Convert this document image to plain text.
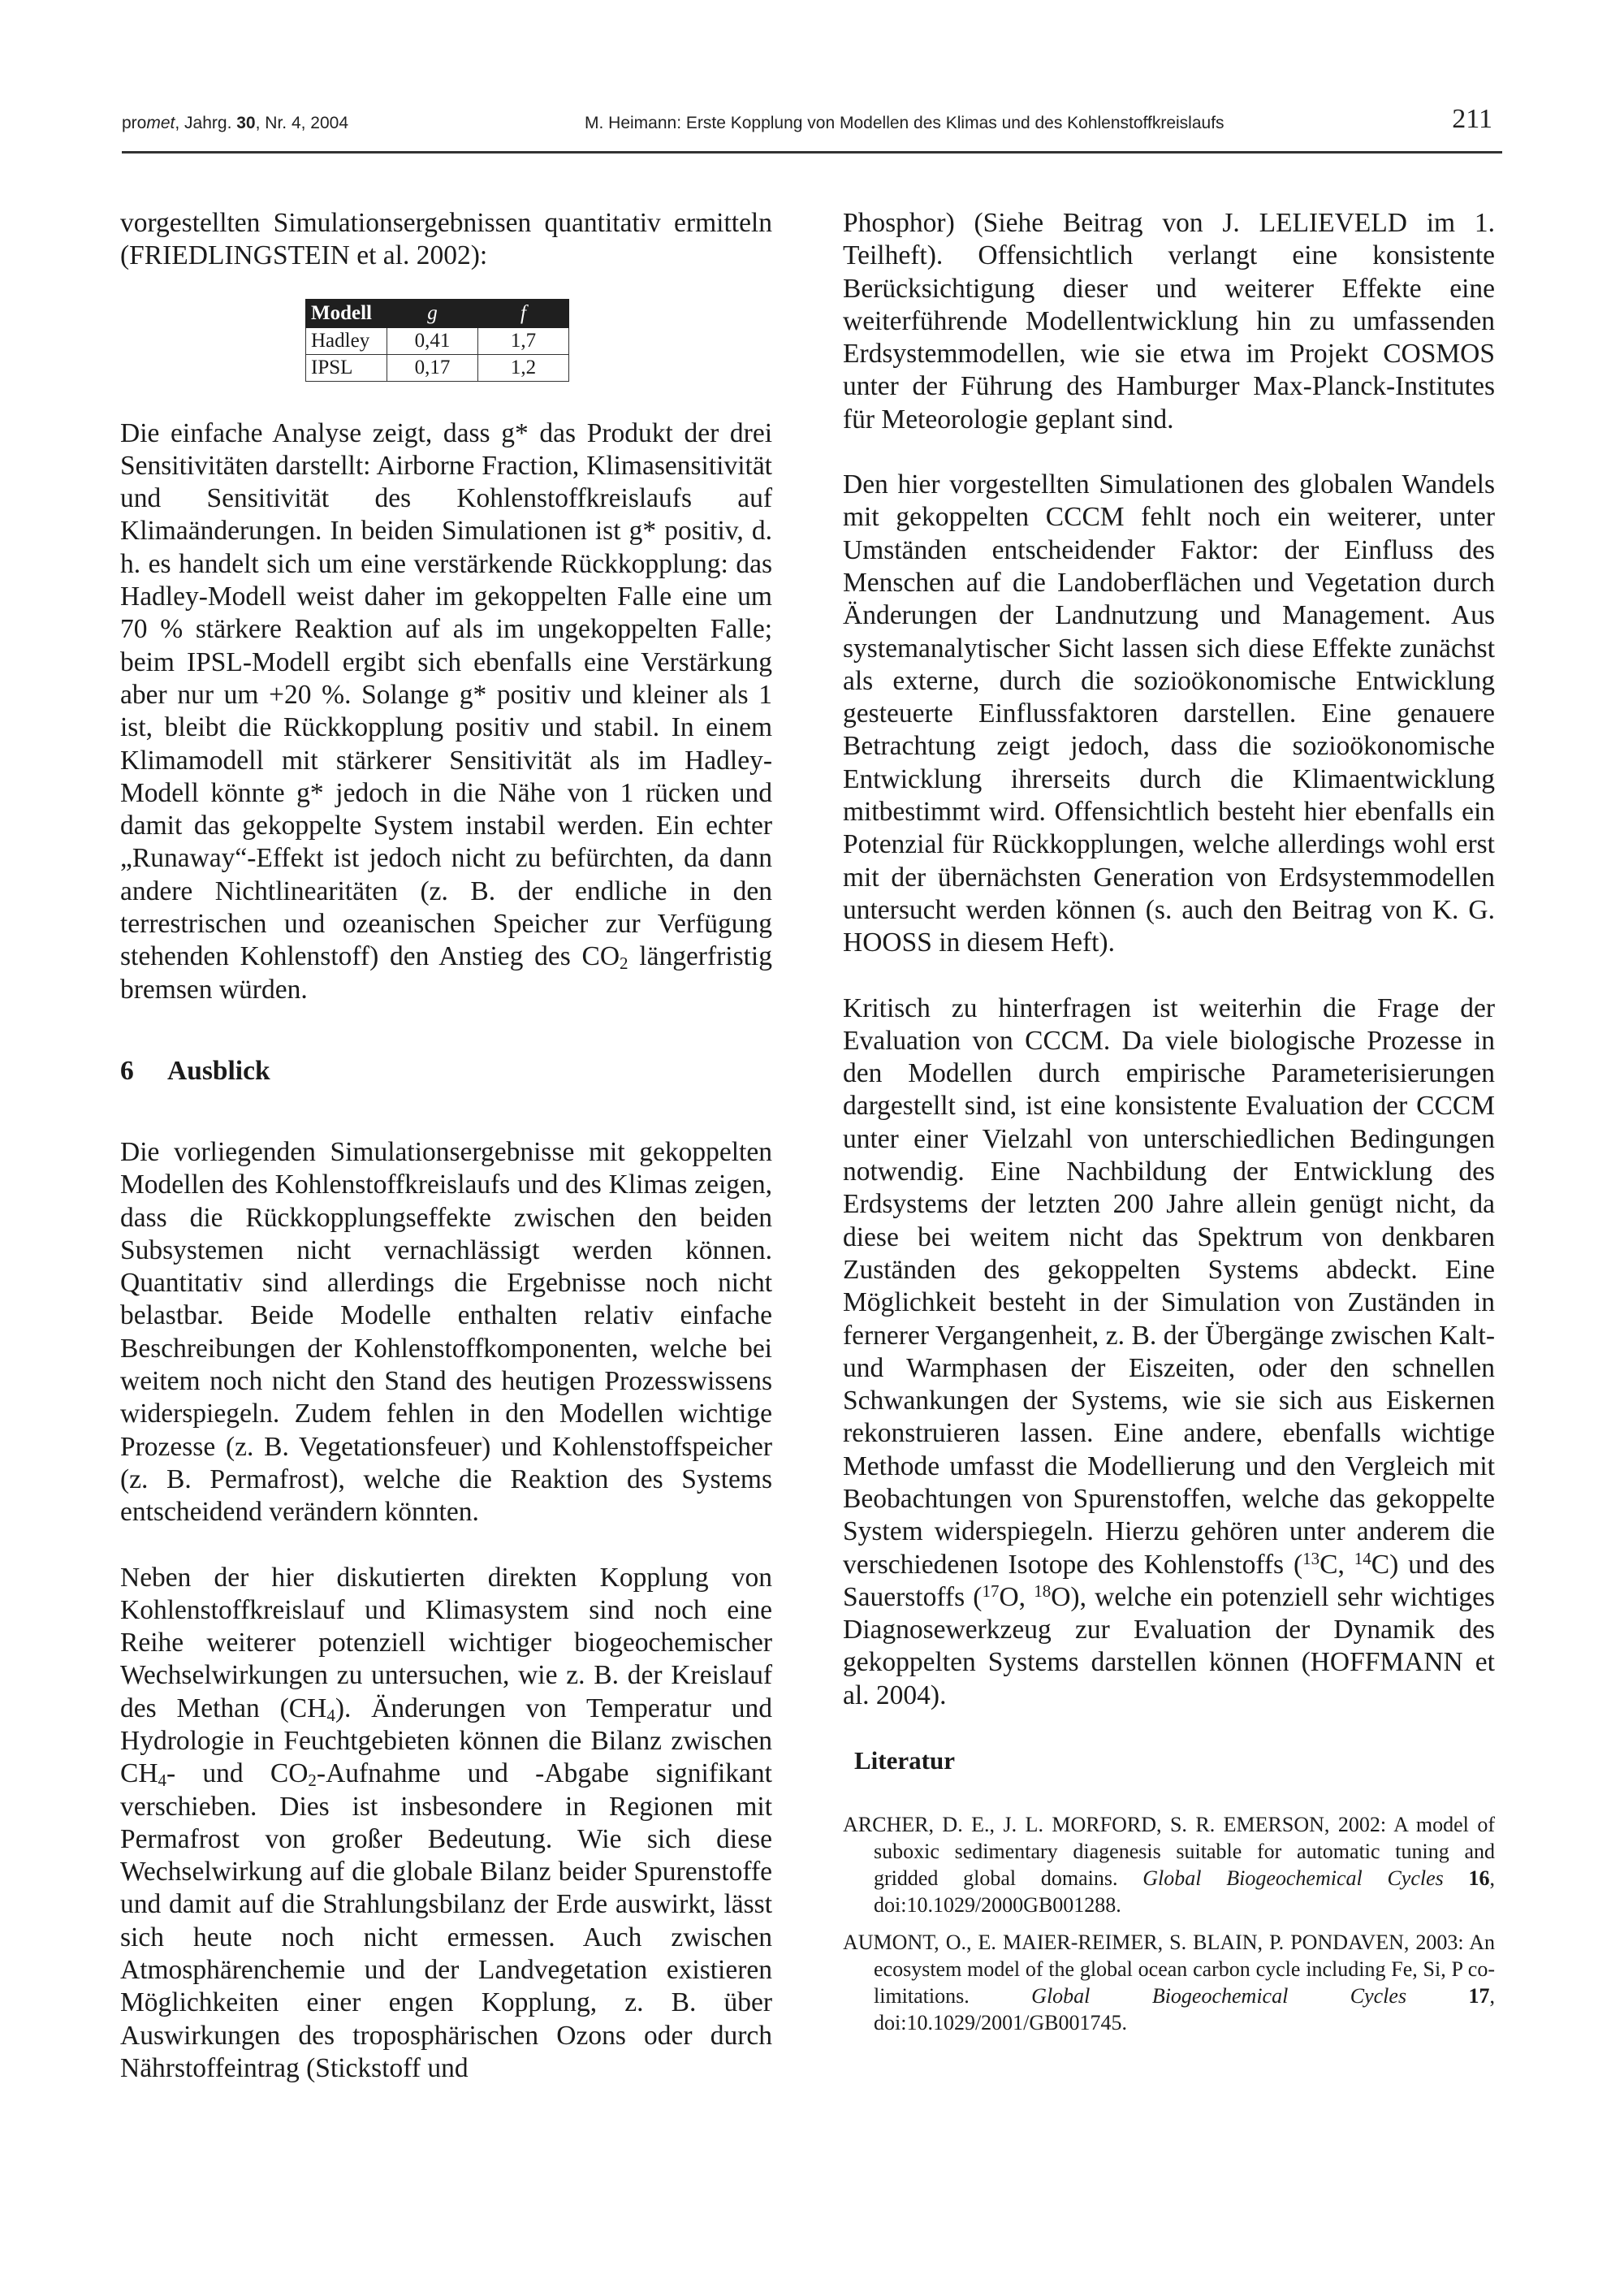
promet, Jahrg. 30, Nr. 4, 2004	M. Heimann: Erste Kopplung von Modellen des Klimas und des Kohlenstoffkreislaufs	211

vorgestellten Simulationsergebnissen quantitativ ermitteln (FRIEDLINGSTEIN et al. 2002):

Modell	g	f
Hadley	0,41	1,7
IPSL	0,17	1,2

Die einfache Analyse zeigt, dass g* das Produkt der drei Sensitivitäten darstellt: Airborne Fraction, Klimasensitivität und Sensitivität des Kohlenstoffkreislaufs auf Klimaänderungen. In beiden Simulationen ist g* positiv, d. h. es handelt sich um eine verstärkende Rückkopplung: das Hadley-Modell weist daher im gekoppelten Falle eine um 70 % stärkere Reaktion auf als im ungekoppelten Falle; beim IPSL-Modell ergibt sich ebenfalls eine Verstärkung aber nur um +20 %. Solange g* positiv und kleiner als 1 ist, bleibt die Rückkopplung positiv und stabil. In einem Klimamodell mit stärkerer Sensitivität als im Hadley-Modell könnte g* jedoch in die Nähe von 1 rücken und damit das gekoppelte System instabil werden. Ein echter „Runaway“-Effekt ist jedoch nicht zu befürchten, da dann andere Nichtlinearitäten (z. B. der endliche in den terrestrischen und ozeanischen Speicher zur Verfügung stehenden Kohlenstoff) den Anstieg des $CO_2$ längerfristig bremsen würden.

6 Ausblick

Die vorliegenden Simulationsergebnisse mit gekoppelten Modellen des Kohlenstoffkreislaufs und des Klimas zeigen, dass die Rückkopplungseffekte zwischen den beiden Subsystemen nicht vernachlässigt werden können. Quantitativ sind allerdings die Ergebnisse noch nicht belastbar. Beide Modelle enthalten relativ einfache Beschreibungen der Kohlenstoffkomponenten, welche bei weitem noch nicht den Stand des heutigen Prozesswissens widerspiegeln. Zudem fehlen in den Modellen wichtige Prozesse (z. B. Vegetationsfeuer) und Kohlenstoffspeicher (z. B. Permafrost), welche die Reaktion des Systems entscheidend verändern könnten.

Neben der hier diskutierten direkten Kopplung von Kohlenstoffkreislauf und Klimasystem sind noch eine Reihe weiterer potenziell wichtiger biogeochemischer Wechselwirkungen zu untersuchen, wie z. B. der Kreislauf des Methan $(CH_4)$. Änderungen von Temperatur und Hydrologie in Feuchtgebieten können die Bilanz zwischen $CH_4-$ und $CO_2$-Aufnahme und -Abgabe signifikant verschieben. Dies ist insbesondere in Regionen mit Permafrost von großer Bedeutung. Wie sich diese Wechselwirkung auf die globale Bilanz beider Spurenstoffe und damit auf die Strahlungsbilanz der Erde auswirkt, lässt sich heute noch nicht ermessen. Auch zwischen Atmosphärenchemie und der Landvegetation existieren Möglichkeiten einer engen Kopplung, z. B. über Auswirkungen des troposphärischen Ozons oder durch Nährstoffeintrag (Stickstoff und

Phosphor) (Siehe Beitrag von J. LELIEVELD im 1. Teilheft). Offensichtlich verlangt eine konsistente Berücksichtigung dieser und weiterer Effekte eine weiterführende Modellentwicklung hin zu umfassenden Erdsystemmodellen, wie sie etwa im Projekt COSMOS unter der Führung des Hamburger Max-Planck-Institutes für Meteorologie geplant sind.

Den hier vorgestellten Simulationen des globalen Wandels mit gekoppelten CCCM fehlt noch ein weiterer, unter Umständen entscheidender Faktor: der Einfluss des Menschen auf die Landoberflächen und Vegetation durch Änderungen der Landnutzung und Management. Aus systemanalytischer Sicht lassen sich diese Effekte zunächst als externe, durch die sozioökonomische Entwicklung gesteuerte Einflussfaktoren darstellen. Eine genauere Betrachtung zeigt jedoch, dass die sozioökonomische Entwicklung ihrerseits durch die Klimaentwicklung mitbestimmt wird. Offensichtlich besteht hier ebenfalls ein Potenzial für Rückkopplungen, welche allerdings wohl erst mit der übernächsten Generation von Erdsystemmodellen untersucht werden können (s. auch den Beitrag von K. G. HOOSS in diesem Heft).

Kritisch zu hinterfragen ist weiterhin die Frage der Evaluation von CCCM. Da viele biologische Prozesse in den Modellen durch empirische Parameterisierungen dargestellt sind, ist eine konsistente Evaluation der CCCM unter einer Vielzahl von unterschiedlichen Bedingungen notwendig. Eine Nachbildung der Entwicklung des Erdsystems der letzten 200 Jahre allein genügt nicht, da diese bei weitem nicht das Spektrum von denkbaren Zuständen des gekoppelten Systems abdeckt. Eine Möglichkeit besteht in der Simulation von Zuständen in fernerer Vergangenheit, z. B. der Übergänge zwischen Kalt- und Warmphasen der Eiszeiten, oder den schnellen Schwankungen der Systems, wie sie sich aus Eiskernen rekonstruieren lassen. Eine andere, ebenfalls wichtige Methode umfasst die Modellierung und den Vergleich mit Beobachtungen von Spurenstoffen, welche das gekoppelte System widerspiegeln. Hierzu gehören unter anderem die verschiedenen Isotope des Kohlenstoffs ($^{13}$C, $^{14}$C) und des Sauerstoffs ($^{17}$O, $^{18}$O), welche ein potenziell sehr wichtiges Diagnosewerkzeug zur Evaluation der Dynamik des gekoppelten Systems darstellen können (HOFFMANN et al. 2004).

Literatur

ARCHER, D. E., J. L. MORFORD, S. R. EMERSON, 2002: A model of suboxic sedimentary diagenesis suitable for automatic tuning and gridded global domains. Global Biogeochemical Cycles 16, doi:10.1029/2000GB001288.

AUMONT, O., E. MAIER-REIMER, S. BLAIN, P. PONDAVEN, 2003: An ecosystem model of the global ocean carbon cycle including Fe, Si, P co-limitations. Global Biogeochemical Cycles	17, doi:10.1029/2001/GB001745.
